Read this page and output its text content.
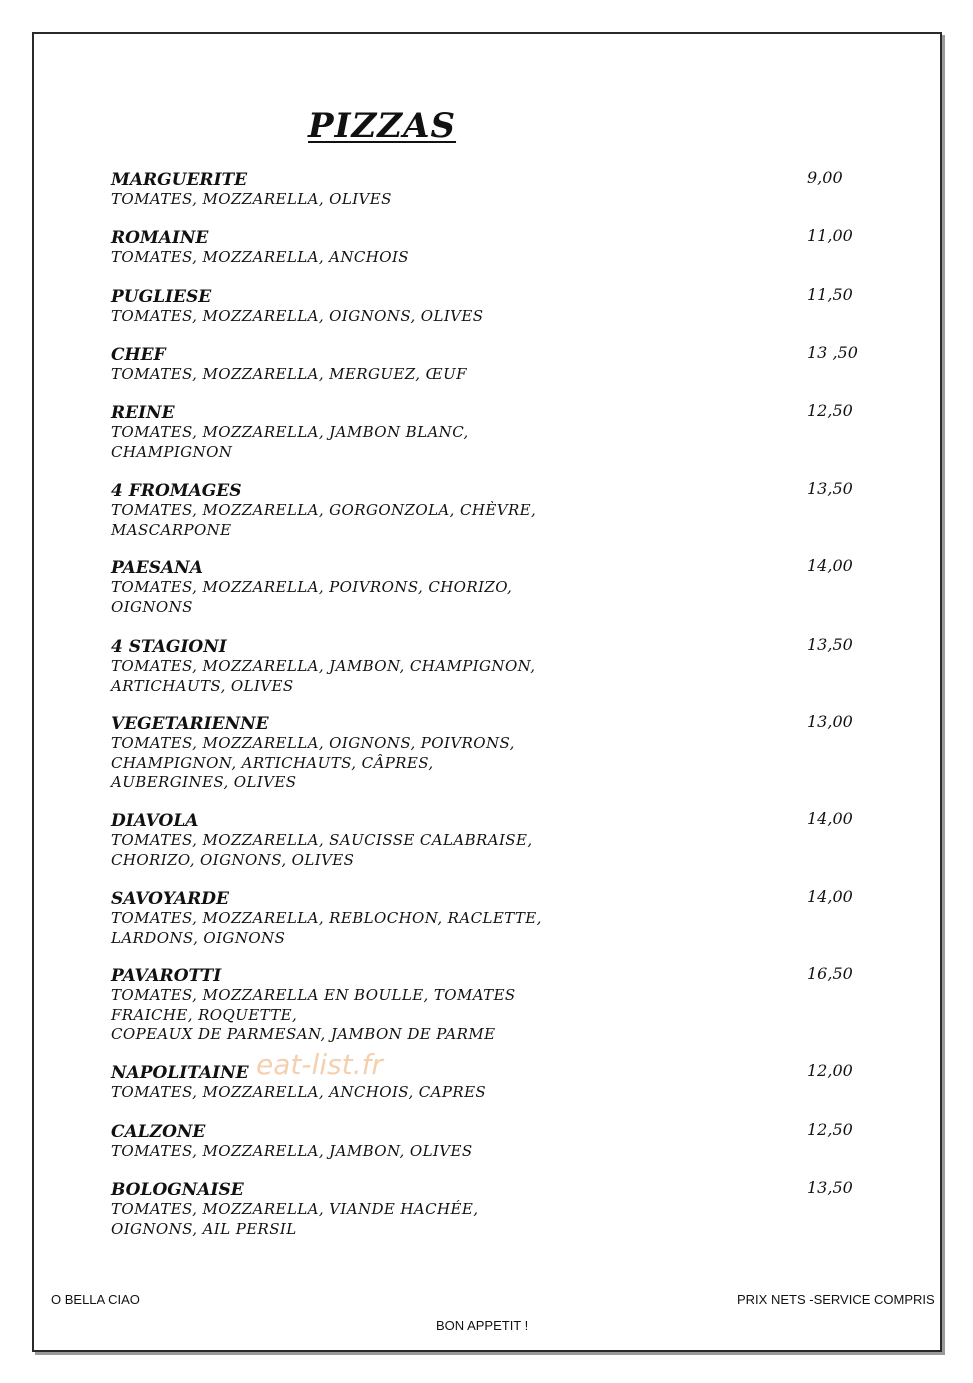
PIZZAS
MARGUERITE
TOMATES, MOZZARELLA, OLIVES
9,00
ROMAINE
TOMATES, MOZZARELLA, ANCHOIS
11,00
PUGLIESE
TOMATES, MOZZARELLA, OIGNONS, OLIVES
11,50
CHEF
TOMATES, MOZZARELLA, MERGUEZ, ŒUF
13 ,50
REINE
TOMATES, MOZZARELLA, JAMBON BLANC,
CHAMPIGNON
12,50
4 FROMAGES
TOMATES, MOZZARELLA, GORGONZOLA, CHÈVRE,
MASCARPONE
13,50
PAESANA
TOMATES, MOZZARELLA, POIVRONS, CHORIZO,
OIGNONS
14,00
4 STAGIONI
TOMATES, MOZZARELLA, JAMBON, CHAMPIGNON,
ARTICHAUTS, OLIVES
13,50
VEGETARIENNE
TOMATES, MOZZARELLA, OIGNONS, POIVRONS,
CHAMPIGNON, ARTICHAUTS, CÂPRES,
AUBERGINES, OLIVES
13,00
DIAVOLA
TOMATES, MOZZARELLA, SAUCISSE CALABRAISE,
CHORIZO, OIGNONS, OLIVES
14,00
SAVOYARDE
TOMATES, MOZZARELLA, REBLOCHON, RACLETTE,
LARDONS, OIGNONS
14,00
PAVAROTTI
TOMATES, MOZZARELLA EN BOULLE, TOMATES
FRAICHE, ROQUETTE,
COPEAUX DE PARMESAN, JAMBON DE PARME
16,50
NAPOLITAINE
TOMATES, MOZZARELLA, ANCHOIS, CAPRES
12,00
CALZONE
TOMATES, MOZZARELLA, JAMBON, OLIVES
12,50
BOLOGNAISE
TOMATES, MOZZARELLA, VIANDE HACHÉE,
OIGNONS, AIL PERSIL
13,50
eat-list.fr
O BELLA CIAO	PRIX NETS -SERVICE COMPRIS
BON APPETIT !
